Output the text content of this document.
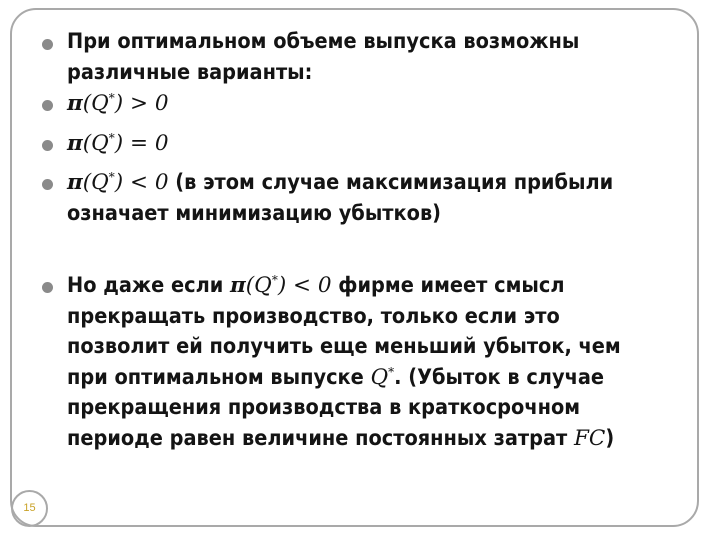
При оптимальном объеме выпуска возможны
различные варианты:
π(Q*) > 0
π(Q*) = 0
π(Q*) < 0 (в этом случае максимизация прибыли
означает минимизацию убытков)
Но даже если π(Q*) < 0 фирме имеет смысл
прекращать производство, только если это
позволит ей получить еще меньший убыток, чем
при оптимальном выпуске Q*. (Убыток в случае
прекращения производства в краткосрочном
периоде равен величине постоянных затрат FC)
15
